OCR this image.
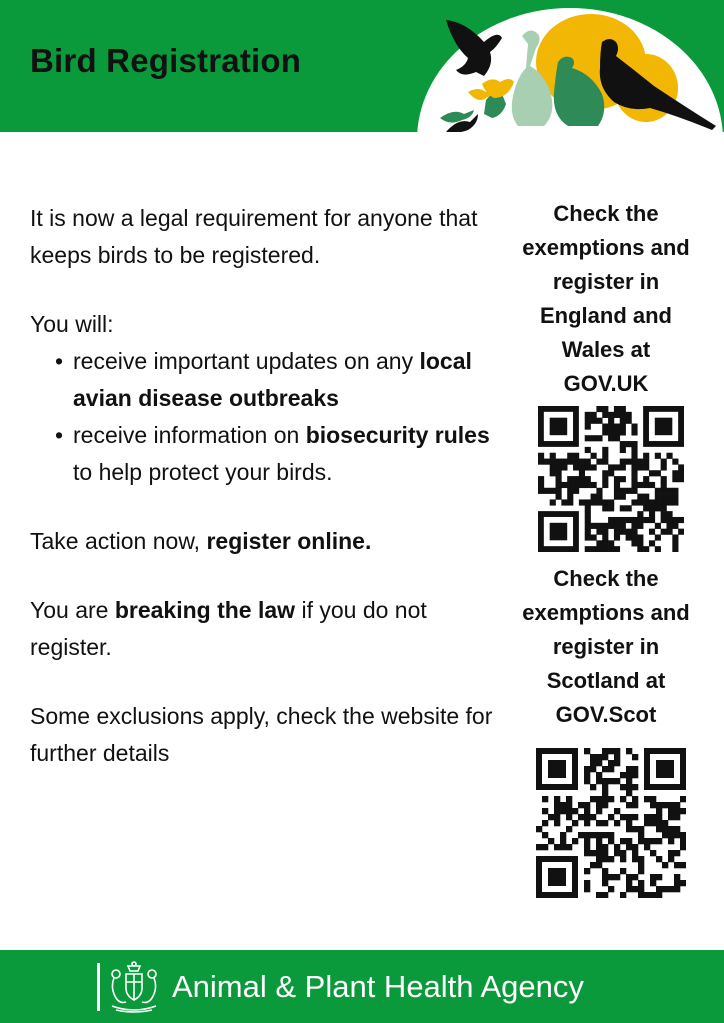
Bird Registration

It is now a legal requirement for anyone that keeps birds to be registered.

You will:

• receive important updates on any local avian disease outbreaks
• receive information on biosecurity rules to help protect your birds.

Take action now, register online.

You are breaking the law if you do not register.

Some exclusions apply, check the website for further details

Check the exemptions and register in England and Wales at GOV.UK
Check the exemptions and register in Scotland at GOV.Scot
Animal & Plant Health Agency
